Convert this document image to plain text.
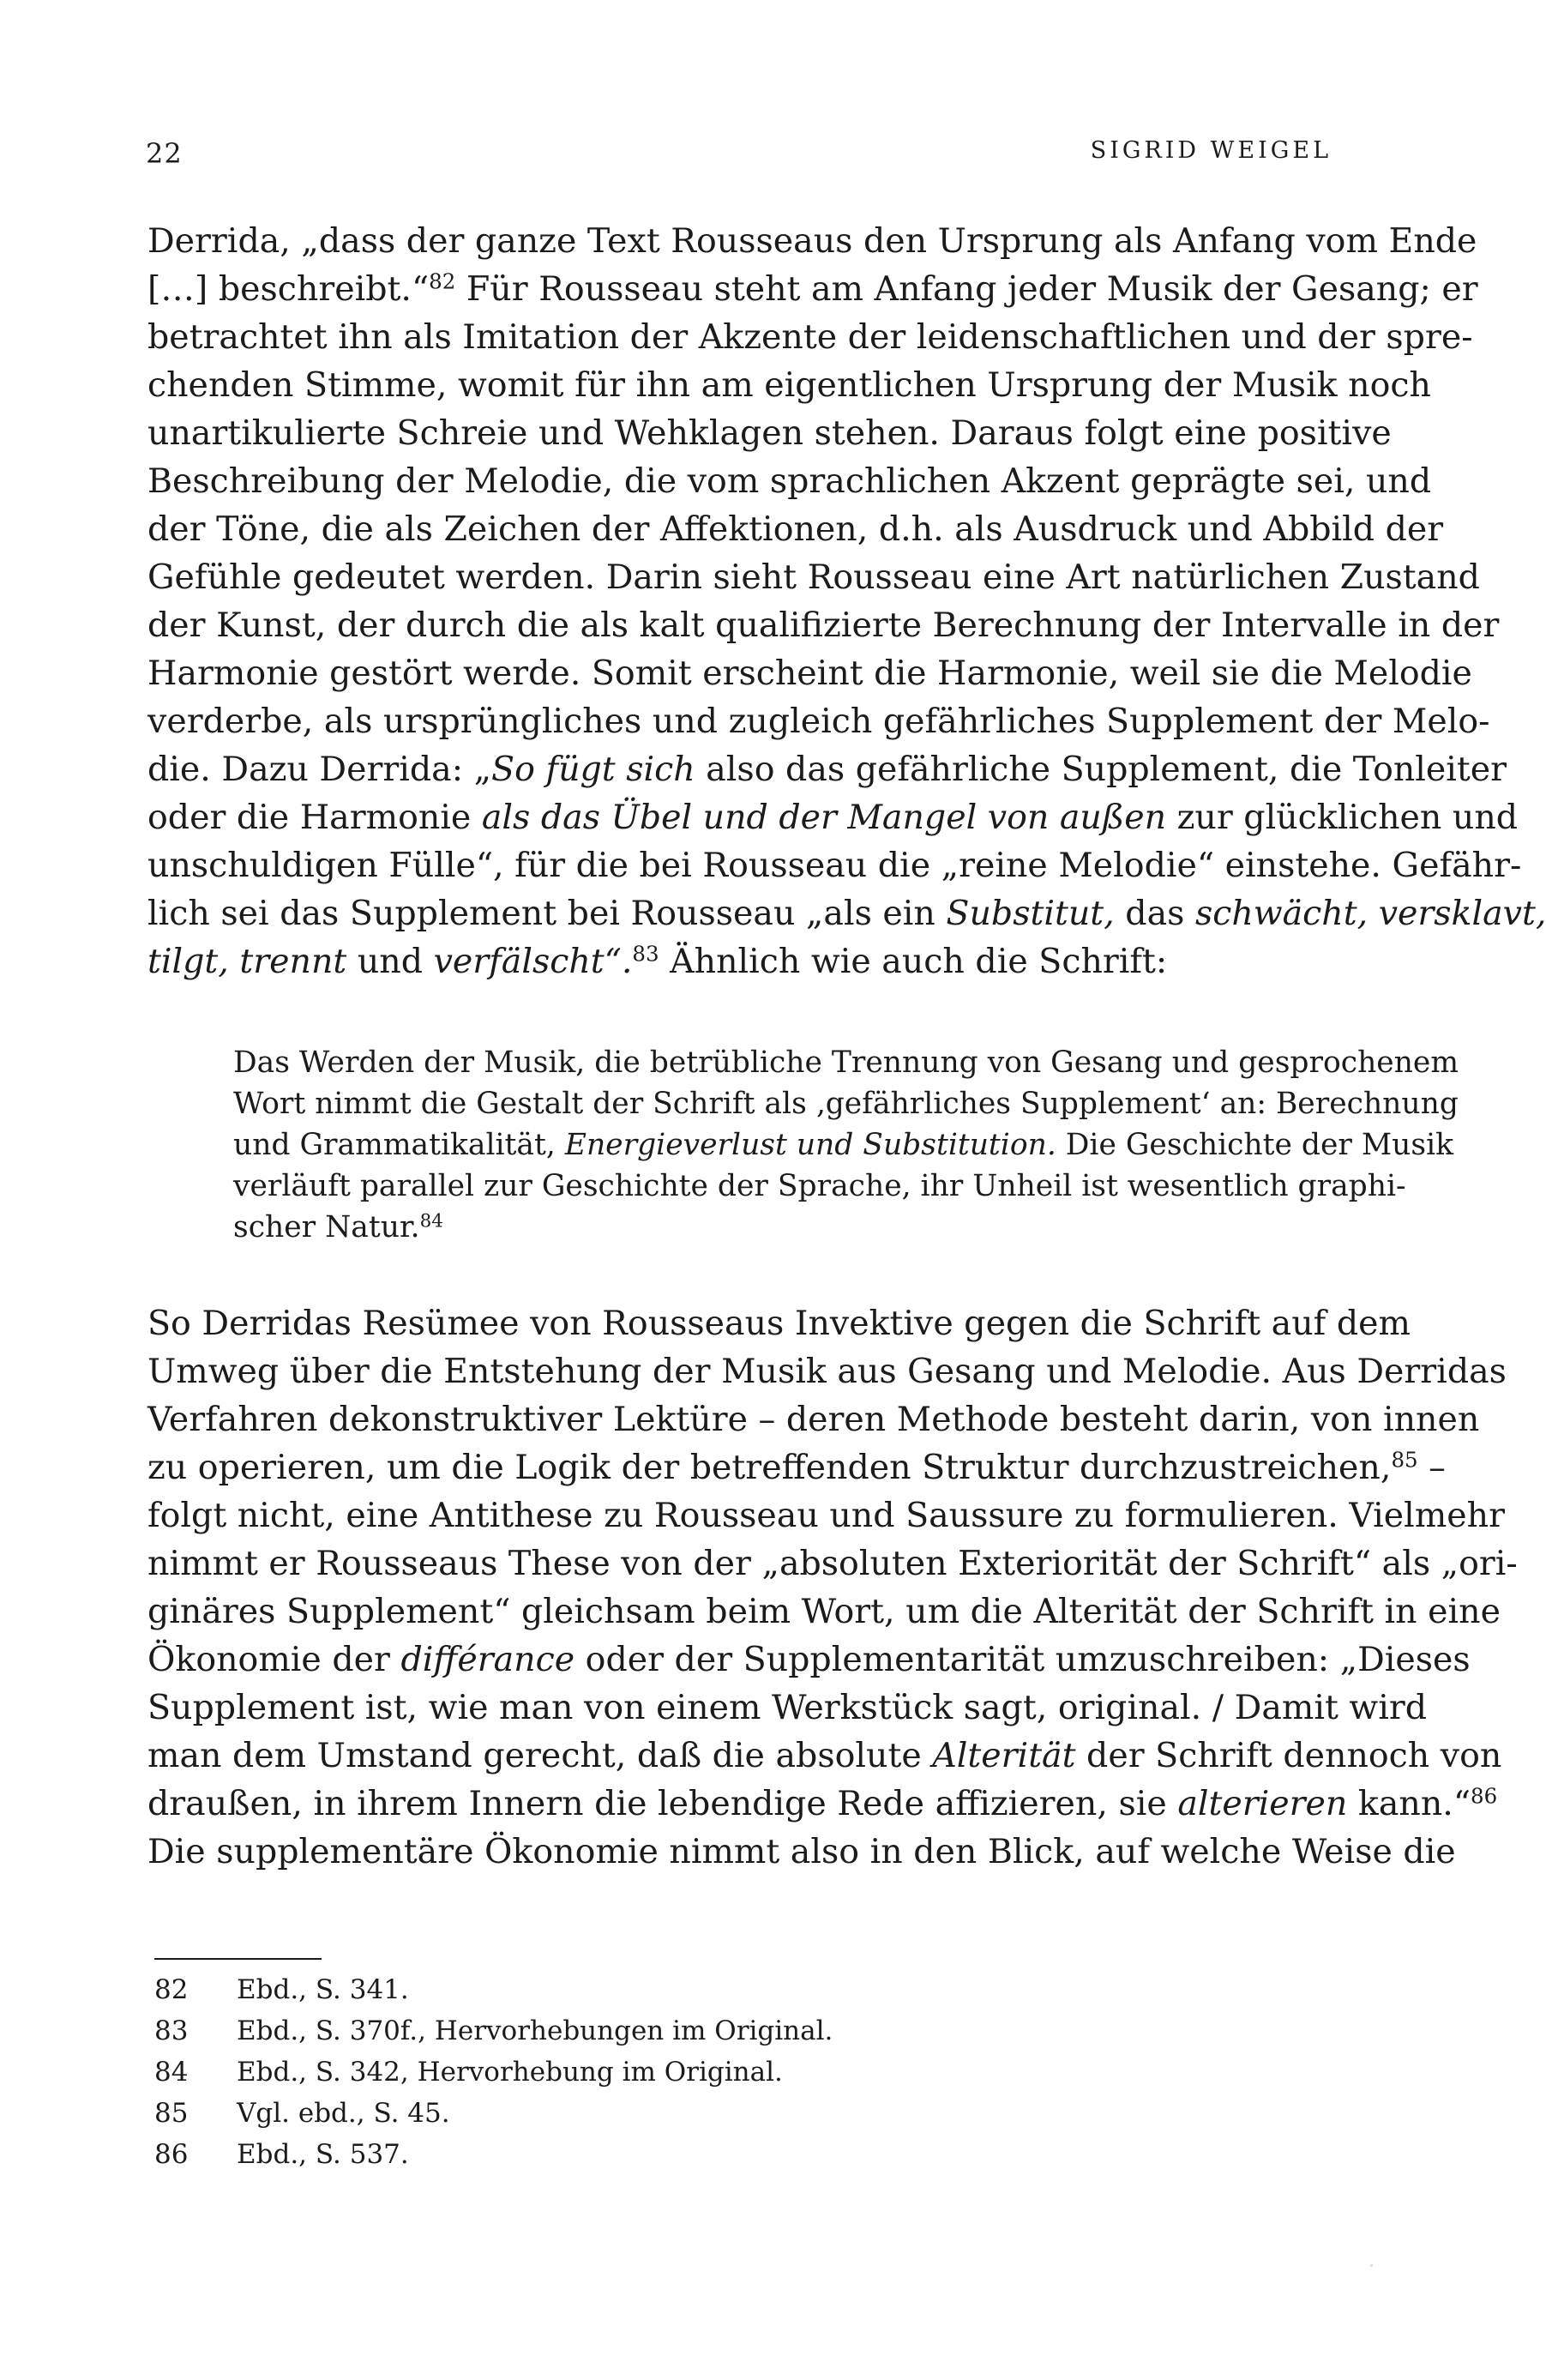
22	SIGRID WEIGEL
Derrida, „dass der ganze Text Rousseaus den Ursprung als Anfang vom Ende
[…] beschreibt.“$^{82}$ Für Rousseau steht am Anfang jeder Musik der Gesang; er
betrachtet ihn als Imitation der Akzente der leidenschaftlichen und der spre-
chenden Stimme, womit für ihn am eigentlichen Ursprung der Musik noch
unartikulierte Schreie und Wehklagen stehen. Daraus folgt eine positive
Beschreibung der Melodie, die vom sprachlichen Akzent geprägte sei, und
der Töne, die als Zeichen der Affektionen, d.h. als Ausdruck und Abbild der
Gefühle gedeutet werden. Darin sieht Rousseau eine Art natürlichen Zustand
der Kunst, der durch die als kalt qualifizierte Berechnung der Intervalle in der
Harmonie gestört werde. Somit erscheint die Harmonie, weil sie die Melodie
verderbe, als ursprüngliches und zugleich gefährliches Supplement der Melo-
die. Dazu Derrida: „So fügt sich also das gefährliche Supplement, die Tonleiter
oder die Harmonie als das Übel und der Mangel von außen zur glücklichen und
unschuldigen Fülle“, für die bei Rousseau die „reine Melodie“ einstehe. Gefähr-
lich sei das Supplement bei Rousseau „als ein Substitut, das schwächt, versklavt,
tilgt, trennt und verfälscht“.$^{83}$ Ähnlich wie auch die Schrift:
Das Werden der Musik, die betrübliche Trennung von Gesang und gesprochenem
Wort nimmt die Gestalt der Schrift als ‚gefährliches Supplement‘ an: Berechnung
und Grammatikalität, Energieverlust und Substitution. Die Geschichte der Musik
verläuft parallel zur Geschichte der Sprache, ihr Unheil ist wesentlich graphi-
scher Natur.$^{84}$
So Derridas Resümee von Rousseaus Invektive gegen die Schrift auf dem
Umweg über die Entstehung der Musik aus Gesang und Melodie. Aus Derridas
Verfahren dekonstruktiver Lektüre – deren Methode besteht darin, von innen
zu operieren, um die Logik der betreffenden Struktur durchzustreichen,$^{85}$ –
folgt nicht, eine Antithese zu Rousseau und Saussure zu formulieren. Vielmehr
nimmt er Rousseaus These von der „absoluten Exteriorität der Schrift“ als „ori-
ginäres Supplement“ gleichsam beim Wort, um die Alterität der Schrift in eine
Ökonomie der différance oder der Supplementarität umzuschreiben: „Dieses
Supplement ist, wie man von einem Werkstück sagt, original. / Damit wird
man dem Umstand gerecht, daß die absolute Alterität der Schrift dennoch von
draußen, in ihrem Innern die lebendige Rede affizieren, sie alterieren kann.“$^{86}$
Die supplementäre Ökonomie nimmt also in den Blick, auf welche Weise die
82 Ebd., S. 341.
83 Ebd., S. 370f., Hervorhebungen im Original.
84 Ebd., S. 342, Hervorhebung im Original.
85 Vgl. ebd., S. 45.
86 Ebd., S. 537.
